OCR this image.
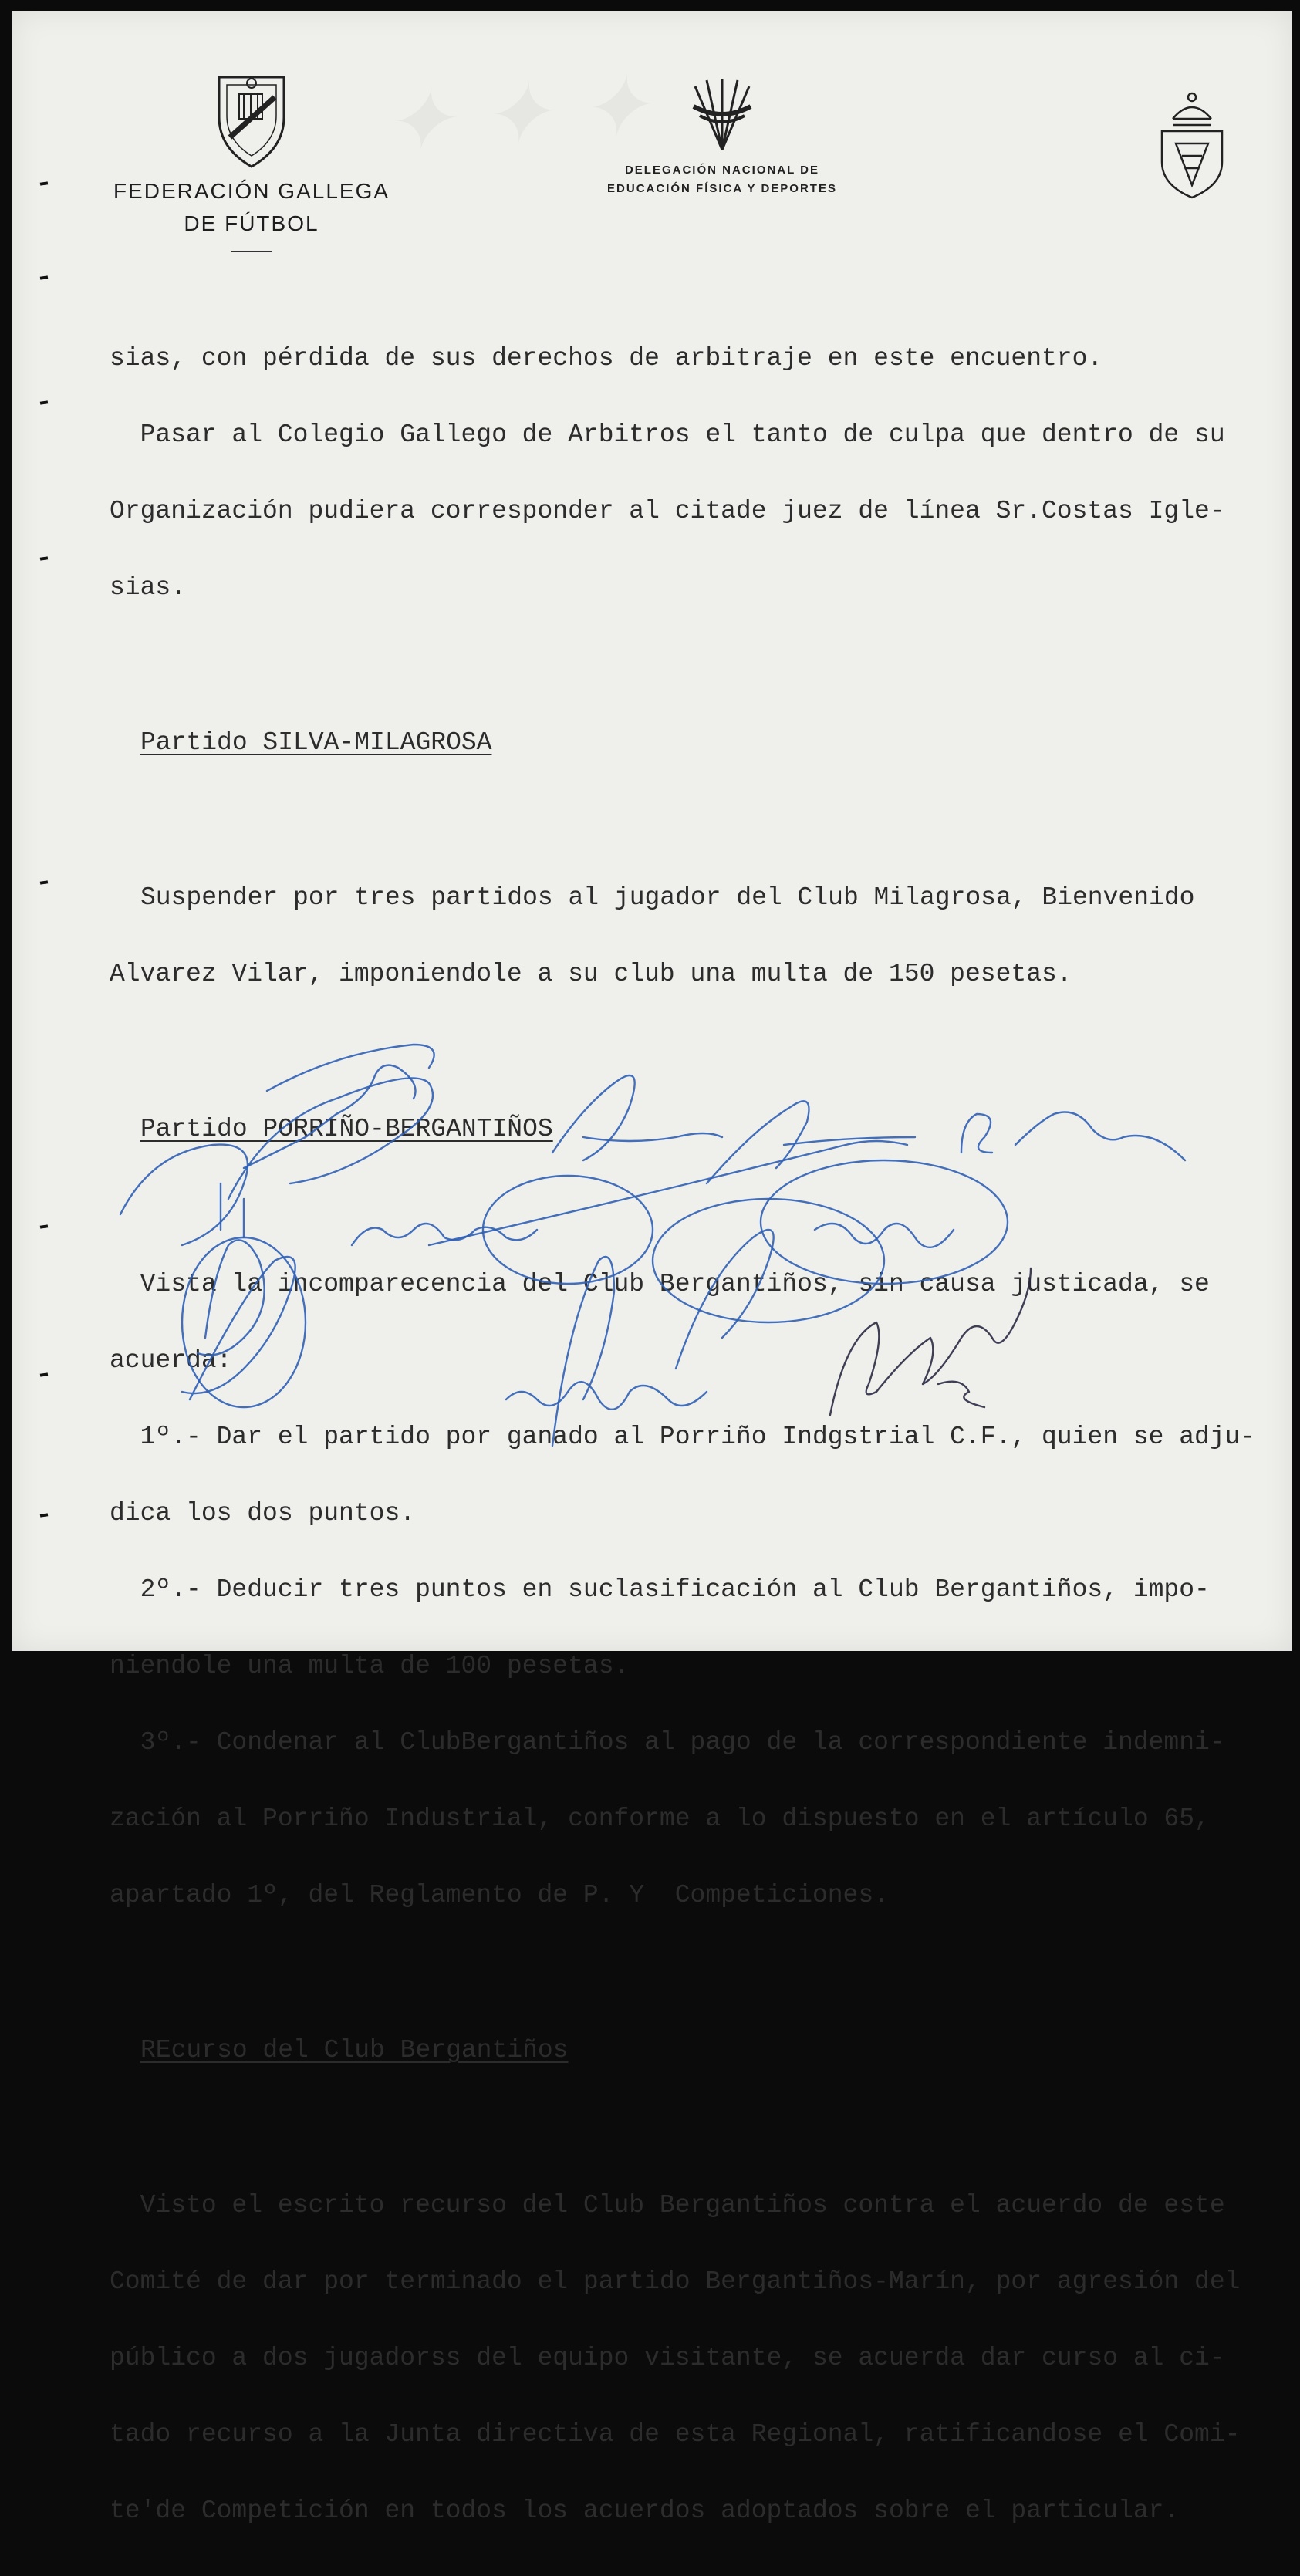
FEDERACIÓN GALLEGA
DE FÚTBOL
DELEGACIÓN NACIONAL DE
EDUCACIÓN FÍSICA Y DEPORTES

sias, con pérdida de sus derechos de arbitraje en este encuentro.

Pasar al Colegio Gallego de Arbitros el tanto de culpa que dentro de su

Organización pudiera corresponder al citade juez de línea Sr.Costas Igle-

sias.

Partido SILVA-MILAGROSA

Suspender por tres partidos al jugador del Club Milagrosa, Bienvenido

Alvarez Vilar, imponiendole a su club una multa de 150 pesetas.

Partido PORRIÑO-BERGANTIÑOS

Vista la incomparecencia del Club Bergantiños, sin causa justicada, se

acuerda:

1º.- Dar el partido por ganado al Porriño Indgstrial C.F., quien se adju-

dica los dos puntos.

2º.- Deducir tres puntos en suclasificación al Club Bergantiños, impo-

niendole una multa de 100 pesetas.

3º.- Condenar al ClubBergantiños al pago de la correspondiente indemni-

zación al Porriño Industrial, conforme a lo dispuesto en el artículo 65,

apartado 1º, del Reglamento de P. Y  Competiciones.

REcurso del Club Bergantiños

Visto el escrito recurso del Club Bergantiños contra el acuerdo de este

Comité de dar por terminado el partido Bergantiños-Marín, por agresión del

público a dos jugadorss del equipo visitante, se acuerda dar curso al ci-

tado recurso a la Junta directiva de esta Regional, ratificandose el Comi-

te'de Competición en todos los acuerdos adoptados sobre el particular.
